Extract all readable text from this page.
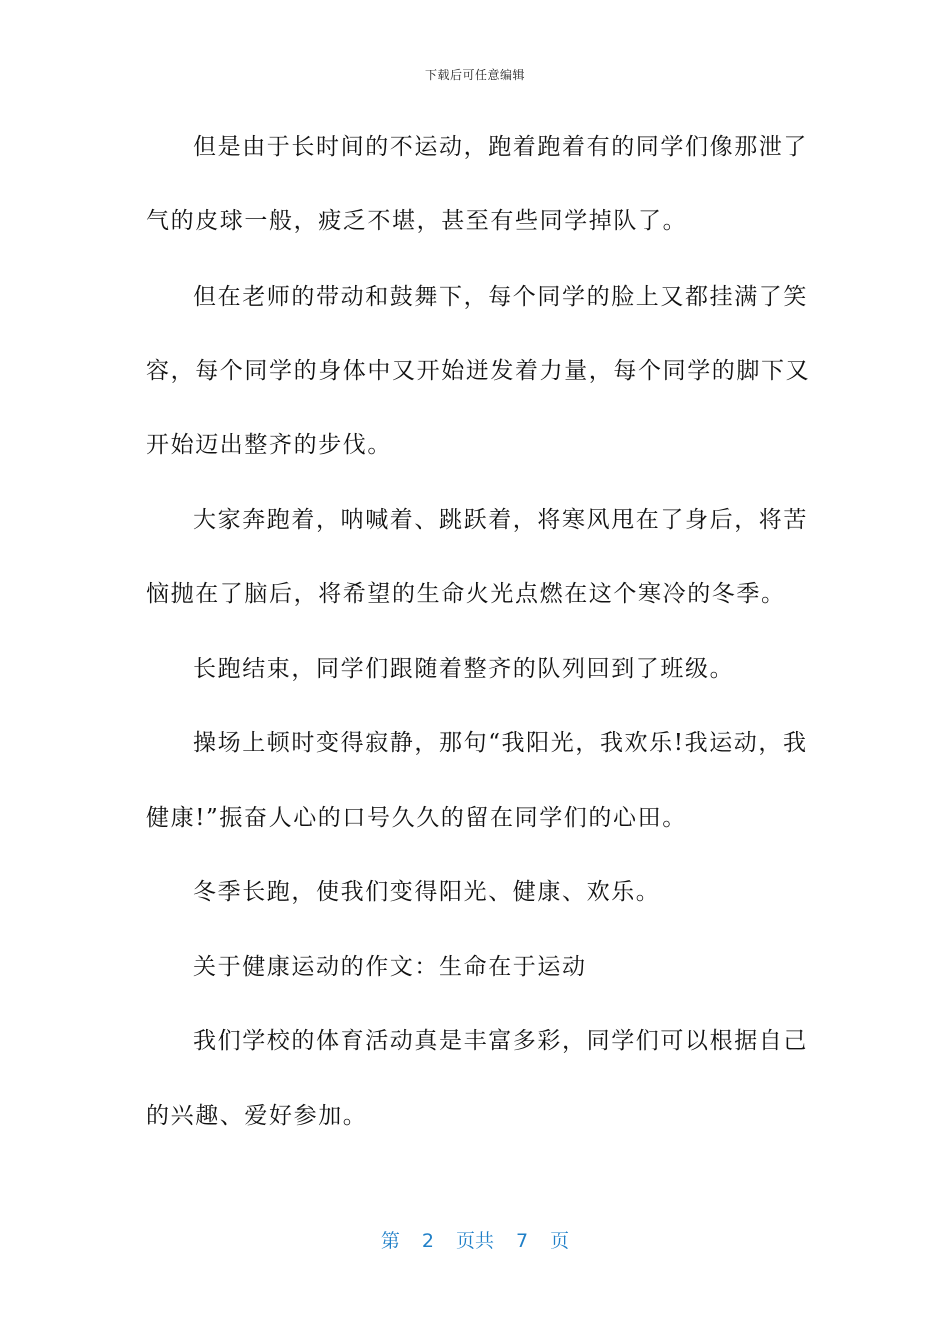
下载后可任意编辑
但是由于长时间的不运动，跑着跑着有的同学们像那泄了
气的皮球一般，疲乏不堪，甚至有些同学掉队了。
但在老师的带动和鼓舞下，每个同学的脸上又都挂满了笑
容，每个同学的身体中又开始迸发着力量，每个同学的脚下又
开始迈出整齐的步伐。
大家奔跑着，呐喊着、跳跃着，将寒风甩在了身后，将苦
恼抛在了脑后，将希望的生命火光点燃在这个寒冷的冬季。
长跑结束，同学们跟随着整齐的队列回到了班级。
操场上顿时变得寂静，那句“我阳光，我欢乐!我运动，我
健康!”振奋人心的口号久久的留在同学们的心田。
冬季长跑，使我们变得阳光、健康、欢乐。
关于健康运动的作文：生命在于运动
我们学校的体育活动真是丰富多彩，同学们可以根据自己
的兴趣、爱好参加。
第 2 页共 7 页
